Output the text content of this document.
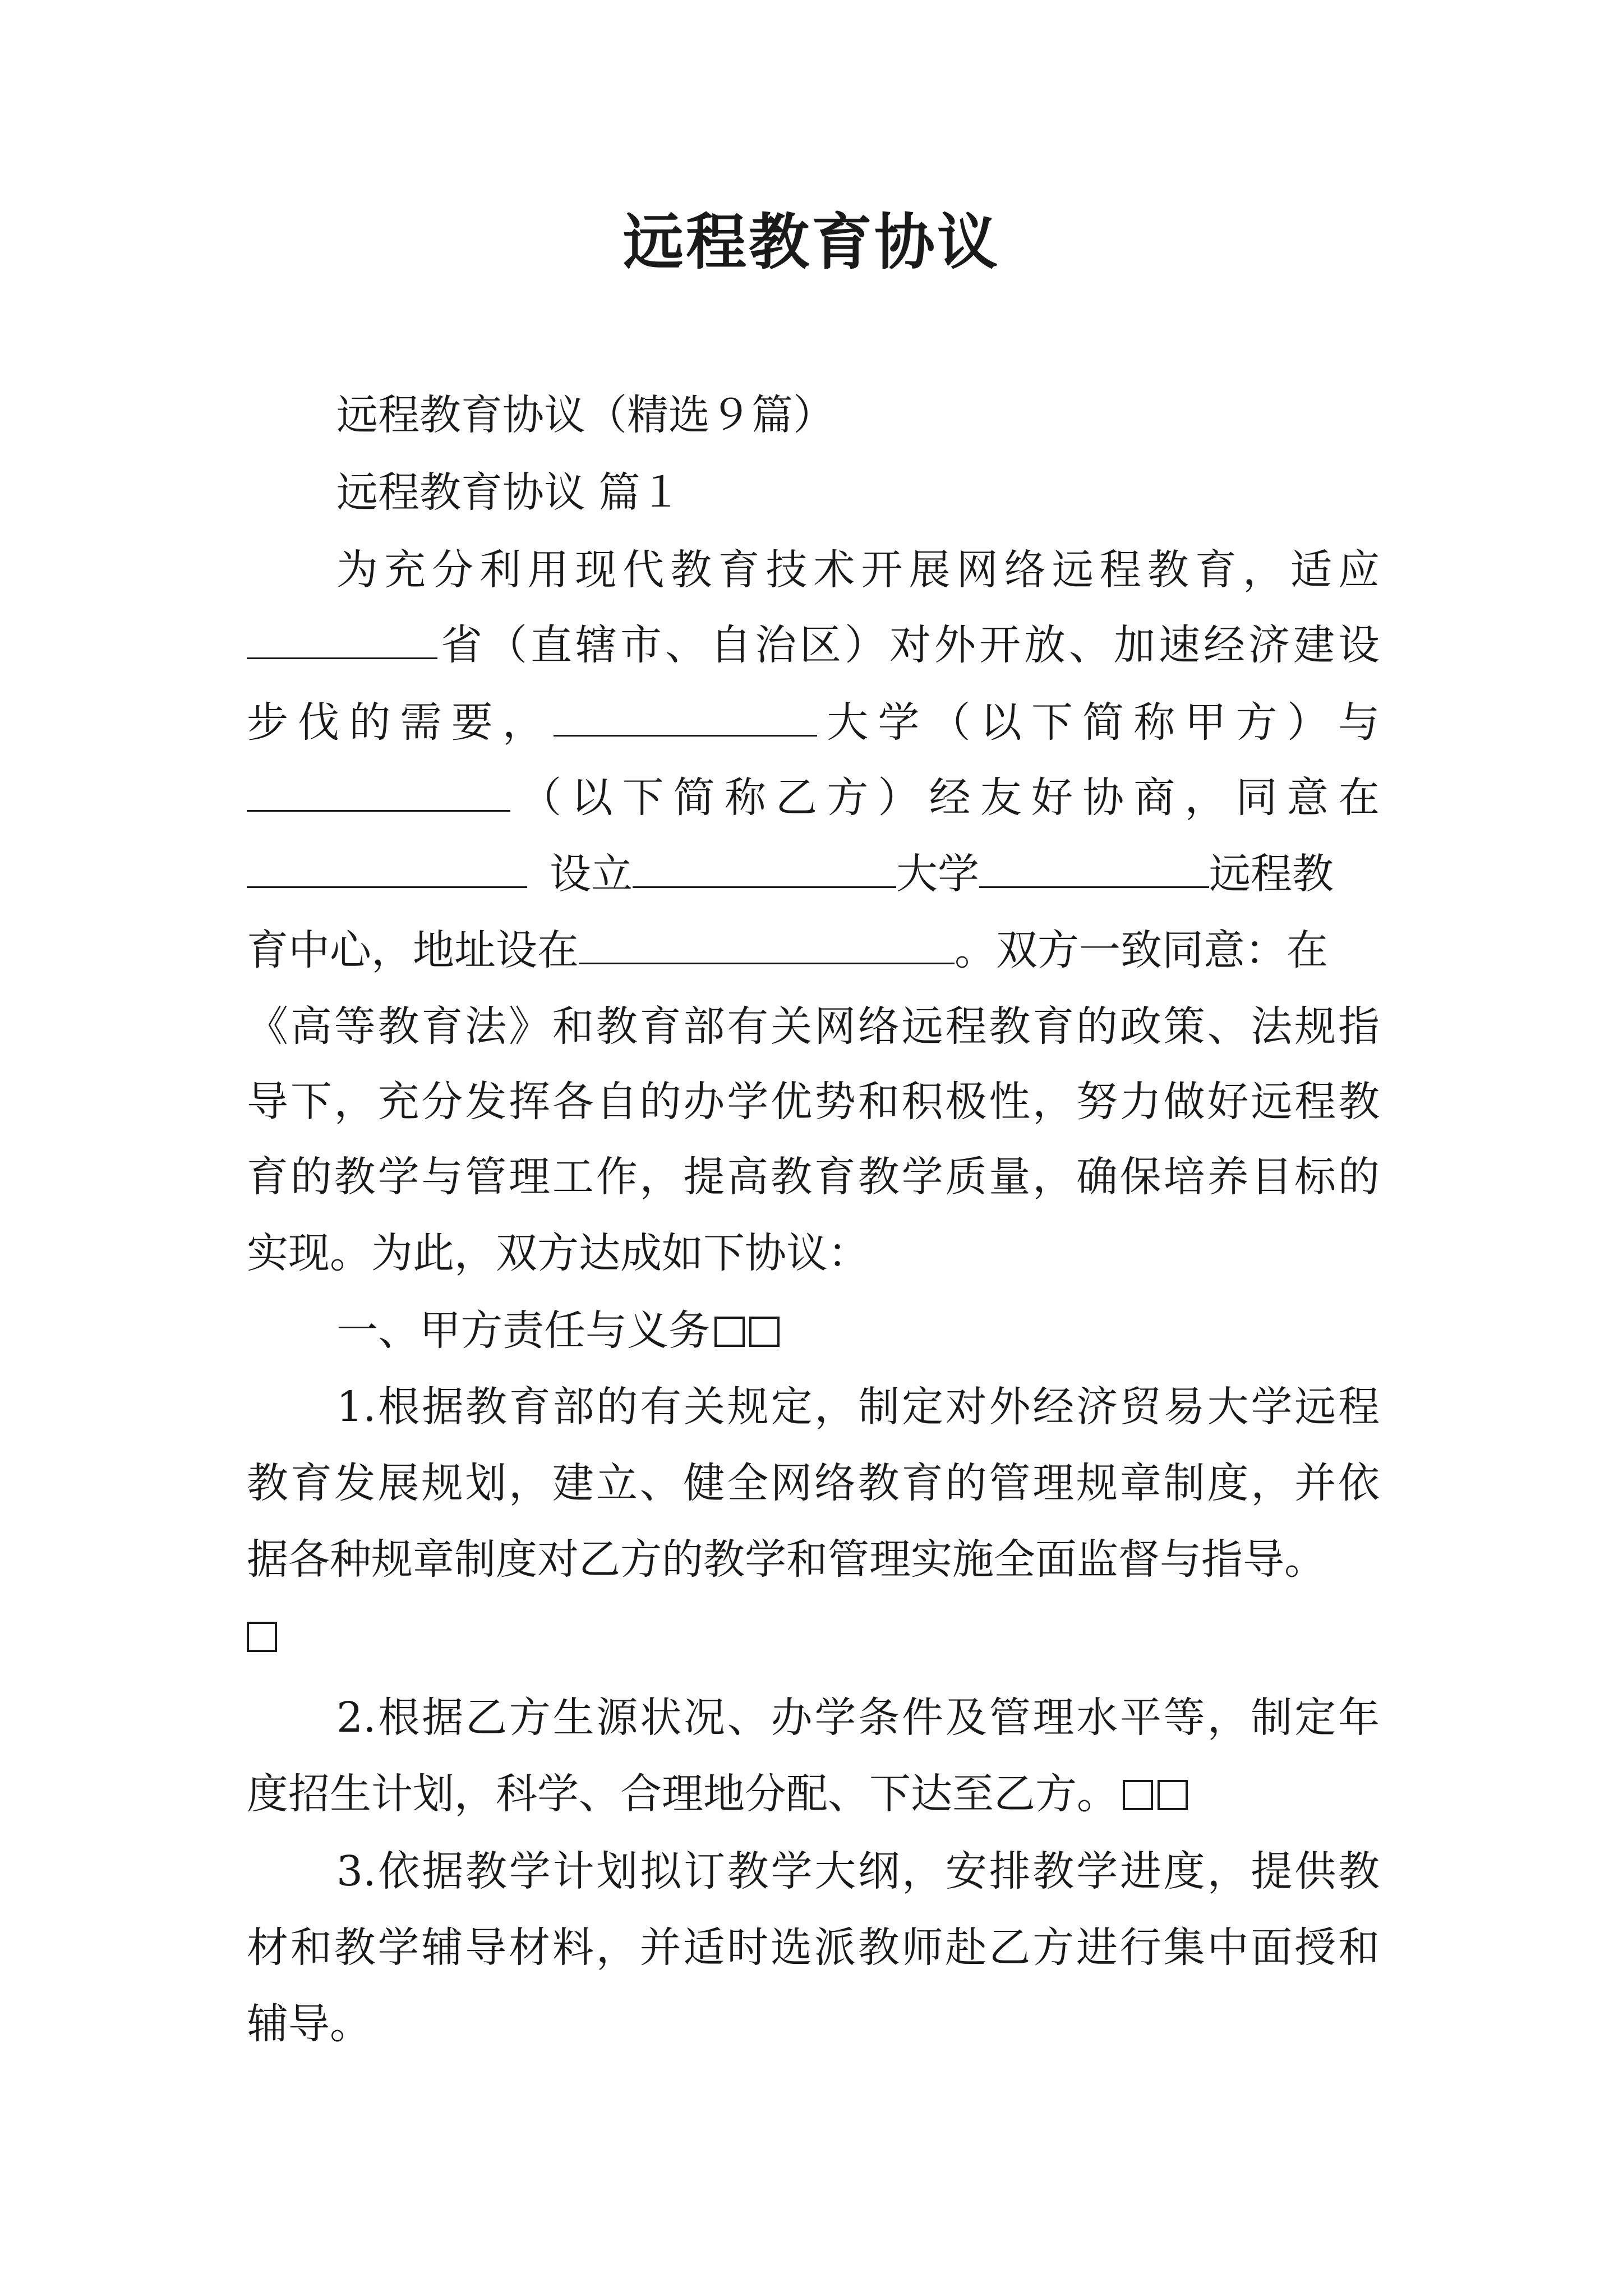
远程教育协议
远程教育协议（精选９篇）
远程教育协议 篇１
为充分利用现代教育技术开展网络远程教育，适应
省（直辖市、自治区）对外开放、加速经济建设
步伐的需要，	大学（以下简称甲方）与
（以下简称乙方）经友好协商，同意在
设立	大学	远程教
育中心，地址设在	。双方一致同意：在
《高等教育法》和教育部有关网络远程教育的政策、法规指
导下，充分发挥各自的办学优势和积极性，努力做好远程教
育的教学与管理工作，提高教育教学质量，确保培养目标的
实现。为此，双方达成如下协议：
一、甲方责任与义务
1.根据教育部的有关规定，制定对外经济贸易大学远程
教育发展规划，建立、健全网络教育的管理规章制度，并依
据各种规章制度对乙方的教学和管理实施全面监督与指导。
2.根据乙方生源状况、办学条件及管理水平等，制定年
度招生计划，科学、合理地分配、下达至乙方。
3.依据教学计划拟订教学大纲，安排教学进度，提供教
材和教学辅导材料，并适时选派教师赴乙方进行集中面授和
辅导。
